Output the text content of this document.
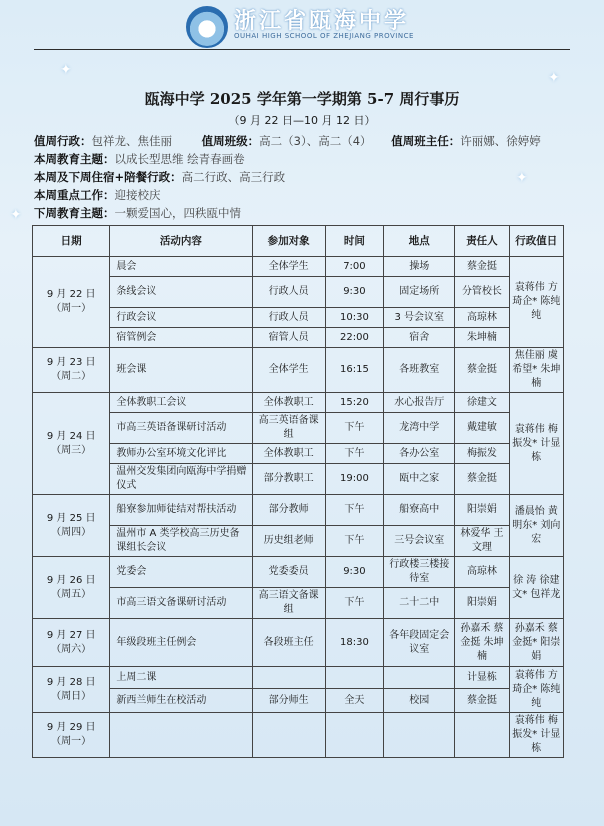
浙江省瓯海中学
OUHAI HIGH SCHOOL OF ZHEJIANG PROVINCE
✦	✦
✦
✦
瓯海中学 2025 学年第一学期第 5-7 周行事历
（9 月 22 日—10 月 12 日）
值周行政：包祥龙、焦佳丽	值周班级：高二（3）、高二（4） 值周班主任：许丽娜、徐婷婷
本周教育主题：以成长型思维 绘青春画卷
本周及下周住宿+陪餐行政：高二行政、高三行政
本周重点工作：迎接校庆
下周教育主题：一颗爱国心，四秩瓯中情
日期	活动内容	参加对象	时间	地点	责任人	行政值日

9 月 22 日
（周一）	晨会	全体学生	7:00	操场	蔡金挺	袁蒋伟 方琦企* 陈纯纯
	条线会议	行政人员	9:30	固定场所	分管校长	
	行政会议	行政人员	10:30	3 号会议室	高琼林	
	宿管例会	宿管人员	22:00	宿舍	朱坤楠	

9 月 23 日
（周二）	班会课	全体学生	16:15	各班教室	蔡金挺	焦佳丽 虞希望* 朱坤楠

9 月 24 日
（周三）	全体教职工会议	全体教职工	15:20	水心报告厅	徐建文	袁蒋伟 梅振发* 计显栋
	市高三英语备课研讨活动	高三英语备课组	下午	龙湾中学	戴建敏	
	教师办公室环境文化评比	全体教职工	下午	各办公室	梅振发	
	温州交发集团向瓯海中学捐赠仪式	部分教职工	19:00	瓯中之家	蔡金挺	

9 月 25 日
（周四）	船寮参加师徒结对帮扶活动	部分教师	下午	船寮高中	阳崇娟	潘晨怡 黄明东* 刘向宏
	温州市 A 类学校高三历史备课组长会议	历史组老师	下午	三号会议室	林爱华 王文理	

9 月 26 日
（周五）	党委会	党委委员	9:30	行政楼三楼接待室	高琼林	徐 涛 徐建文* 包祥龙
	市高三语文备课研讨活动	高三语文备课组	下午	二十二中	阳崇娟	

9 月 27 日
（周六）	年级段班主任例会	各段班主任	18:30	各年段固定会议室	孙嘉禾 蔡金挺 朱坤楠	孙嘉禾 蔡金挺* 阳崇娟

9 月 28 日
（周日）	上周二课				计显栋	袁蒋伟 方琦企* 陈纯纯
	新西兰师生在校活动	部分师生	全天	校园	蔡金挺	

9 月 29 日
（周一）						袁蒋伟 梅振发* 计显栋
